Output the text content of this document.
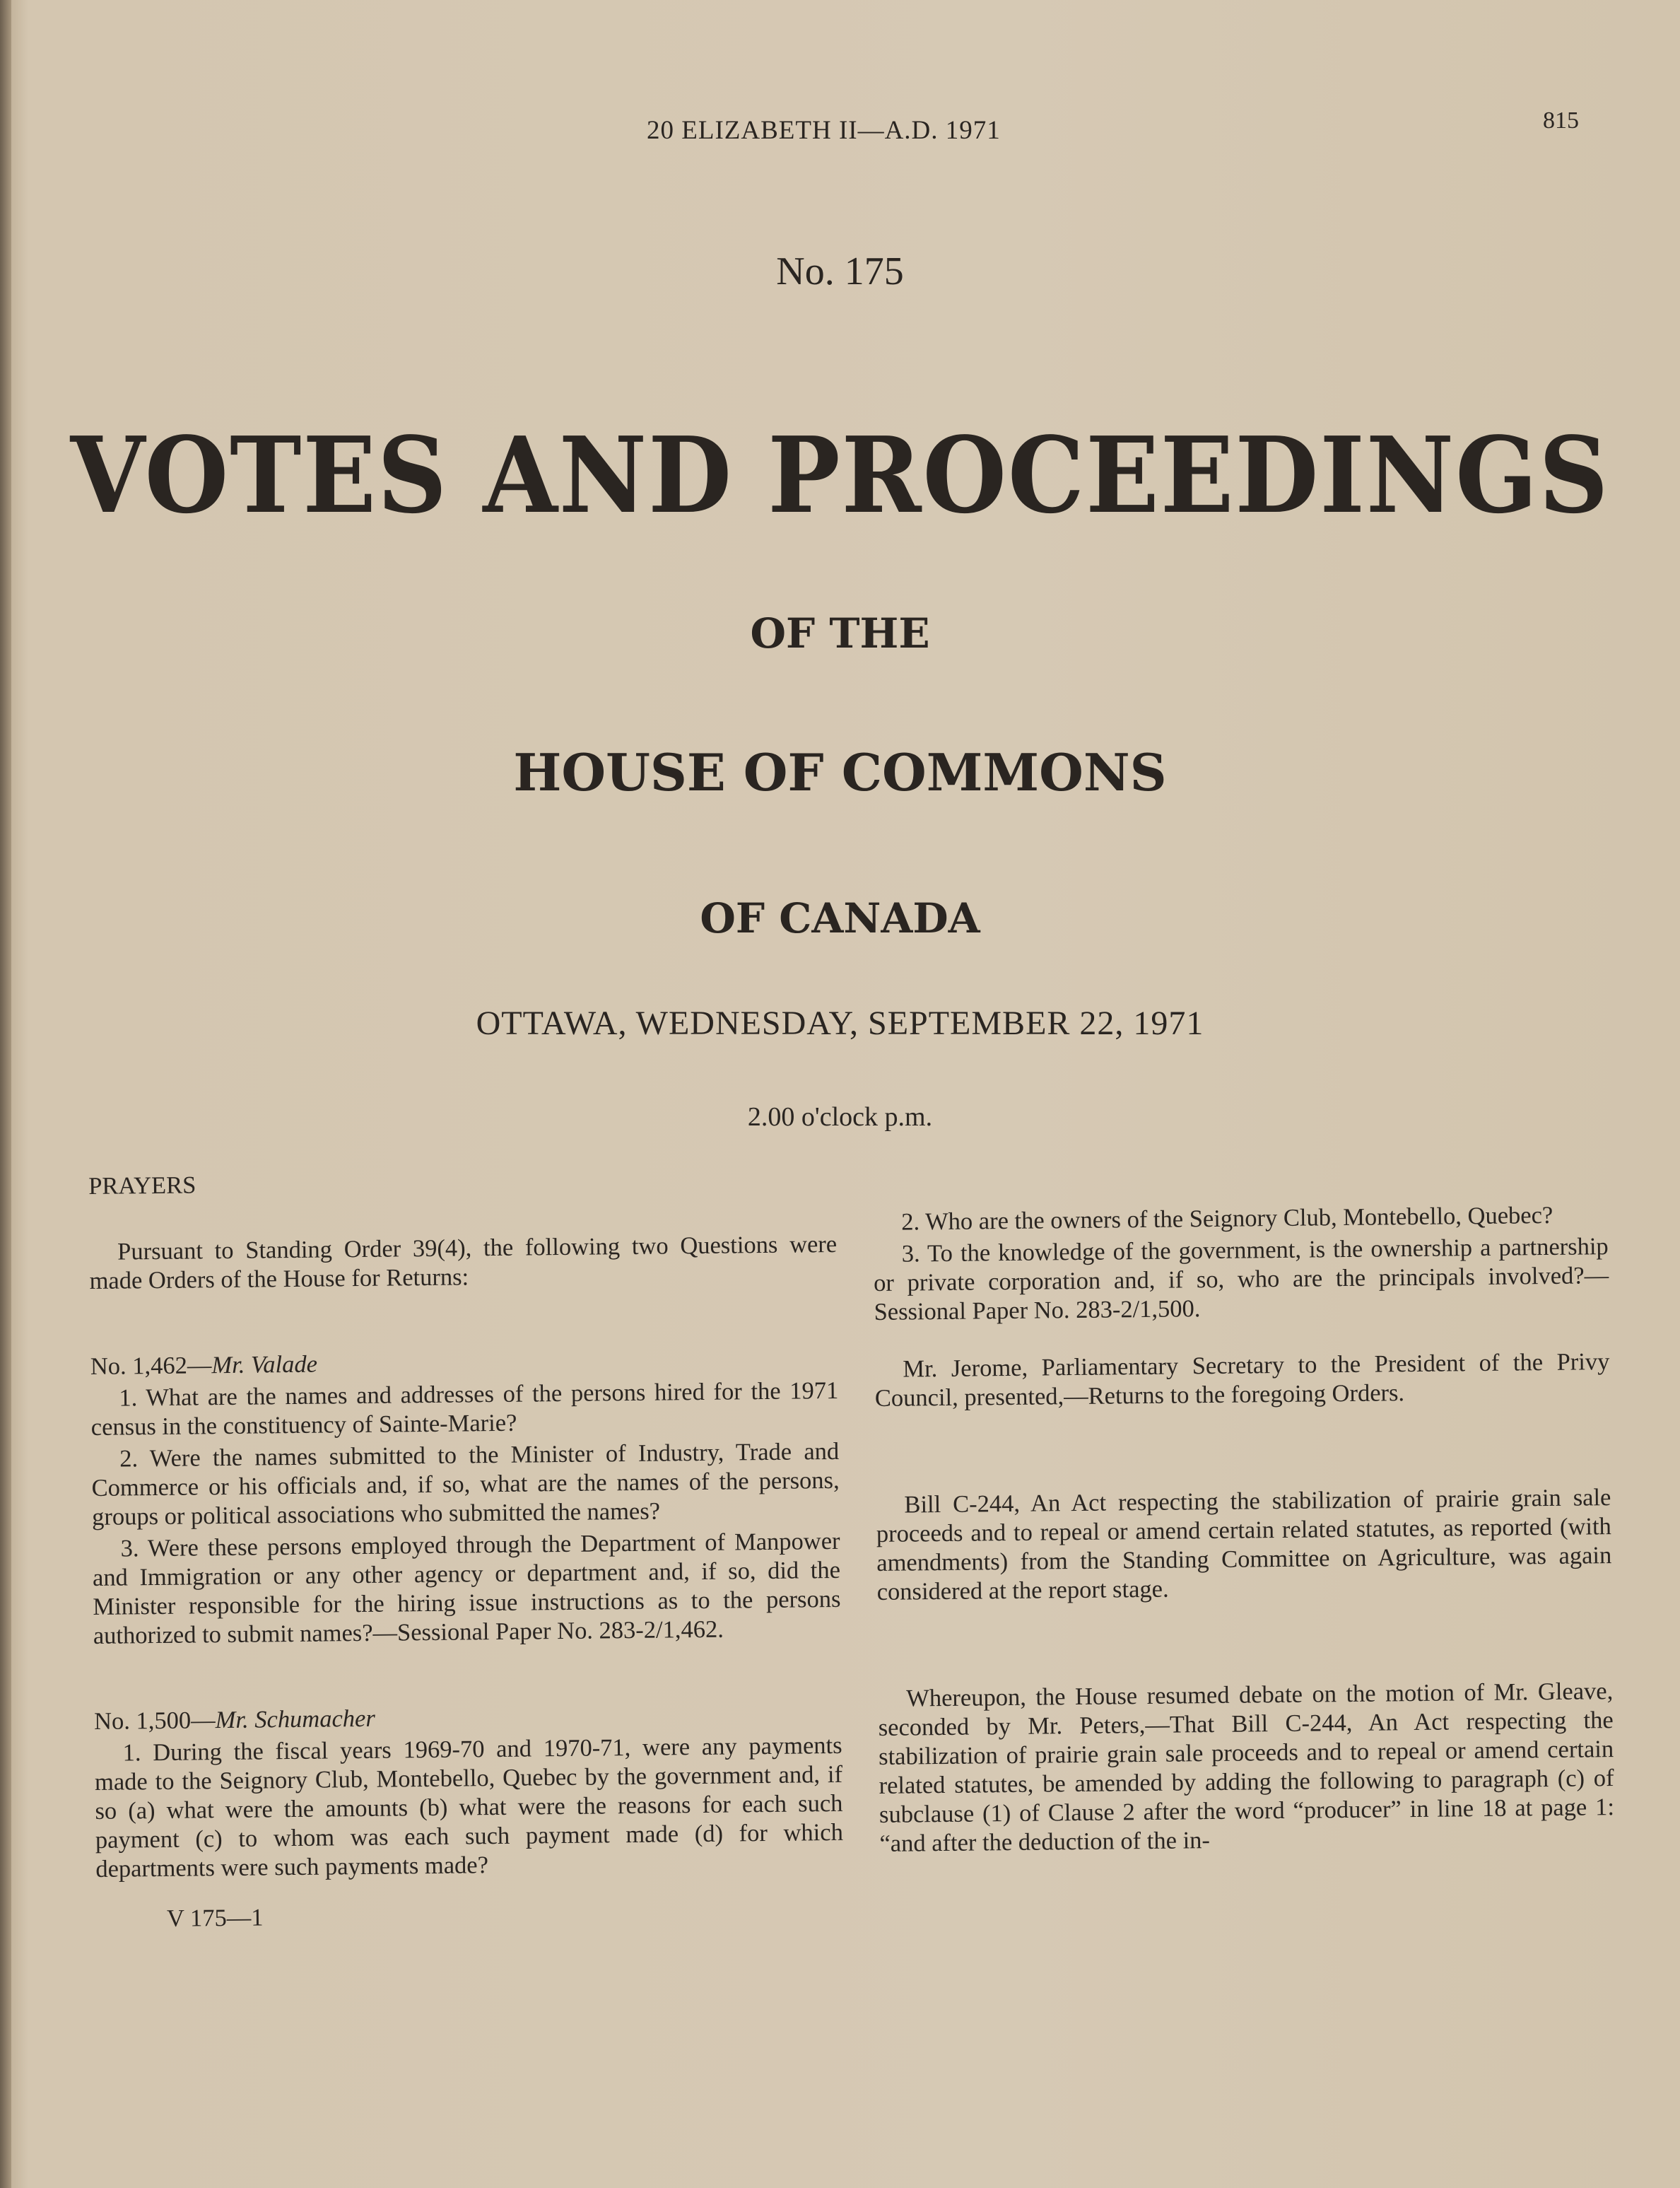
20 ELIZABETH II—A.D. 1971	815
No. 175
VOTES AND PROCEEDINGS
OF THE
HOUSE OF COMMONS
OF CANADA
OTTAWA, WEDNESDAY, SEPTEMBER 22, 1971
2.00 o'clock p.m.

PRAYERS

Pursuant to Standing Order 39(4), the following two Questions were made Orders of the House for Returns:

No. 1,462—Mr. Valade

1. What are the names and addresses of the persons hired for the 1971 census in the constituency of Sainte-Marie?

2. Were the names submitted to the Minister of Industry, Trade and Commerce or his officials and, if so, what are the names of the persons, groups or political associations who submitted the names?

3. Were these persons employed through the Department of Manpower and Immigration or any other agency or department and, if so, did the Minister responsible for the hiring issue instructions as to the persons authorized to submit names?—Sessional Paper No. 283-2/1,462.

No. 1,500—Mr. Schumacher

1. During the fiscal years 1969-70 and 1970-71, were any payments made to the Seignory Club, Montebello, Quebec by the government and, if so (a) what were the amounts (b) what were the reasons for each such payment (c) to whom was each such payment made (d) for which departments were such payments made?

V 175—1

2. Who are the owners of the Seignory Club, Montebello, Quebec?

3. To the knowledge of the government, is the ownership a partnership or private corporation and, if so, who are the principals involved?—Sessional Paper No. 283-2/1,500.

Mr. Jerome, Parliamentary Secretary to the President of the Privy Council, presented,—Returns to the foregoing Orders.

Bill C-244, An Act respecting the stabilization of prairie grain sale proceeds and to repeal or amend certain related statutes, as reported (with amendments) from the Standing Committee on Agriculture, was again considered at the report stage.

Whereupon, the House resumed debate on the motion of Mr. Gleave, seconded by Mr. Peters,—That Bill C-244, An Act respecting the stabilization of prairie grain sale proceeds and to repeal or amend certain related statutes, be amended by adding the following to paragraph (c) of subclause (1) of Clause 2 after the word “producer” in line 18 at page 1: “and after the deduction of the in-
